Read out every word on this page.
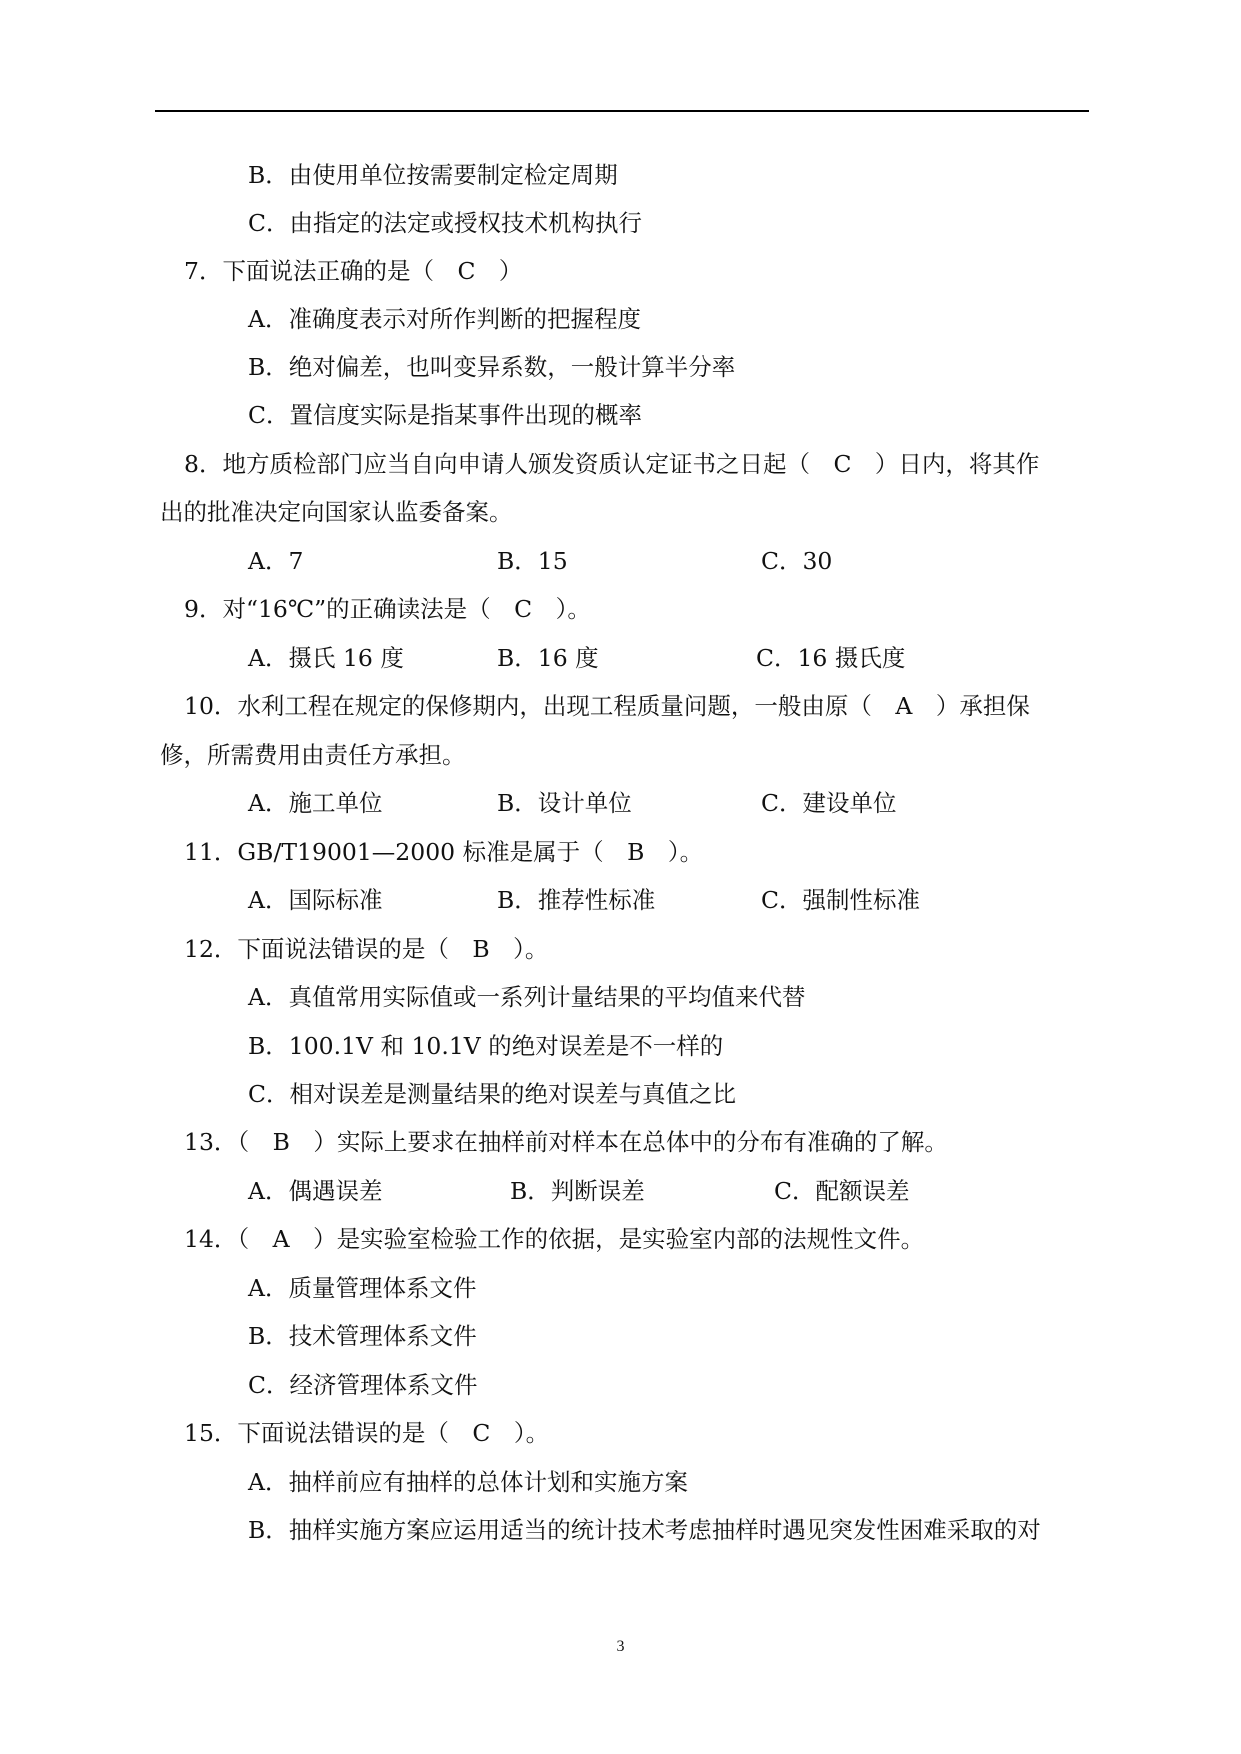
B．由使用单位按需要制定检定周期
C．由指定的法定或授权技术机构执行
7．下面说法正确的是（　C　）
A．准确度表示对所作判断的把握程度
B．绝对偏差，也叫变异系数，一般计算半分率
C．置信度实际是指某事件出现的概率
8．地方质检部门应当自向申请人颁发资质认定证书之日起（　C　）日内，将其作
出的批准决定向国家认监委备案。
A．7	B．15	C．30
9．对“16℃”的正确读法是（　C　）。
A．摄氏 16 度	B．16 度	C．16 摄氏度
10．水利工程在规定的保修期内，出现工程质量问题，一般由原（　A　）承担保
修，所需费用由责任方承担。
A．施工单位	B．设计单位	C．建设单位
11．GB/T19001—2000 标准是属于（　B　）。
A．国际标准	B．推荐性标准	C．强制性标准
12．下面说法错误的是（　B　）。
A．真值常用实际值或一系列计量结果的平均值来代替
B．100.1V 和 10.1V 的绝对误差是不一样的
C．相对误差是测量结果的绝对误差与真值之比
13．（　B　）实际上要求在抽样前对样本在总体中的分布有准确的了解。
A．偶遇误差	B．判断误差	C．配额误差
14．（　A　）是实验室检验工作的依据，是实验室内部的法规性文件。
A．质量管理体系文件
B．技术管理体系文件
C．经济管理体系文件
15．下面说法错误的是（　C　）。
A．抽样前应有抽样的总体计划和实施方案
B．抽样实施方案应运用适当的统计技术考虑抽样时遇见突发性困难采取的对
3
